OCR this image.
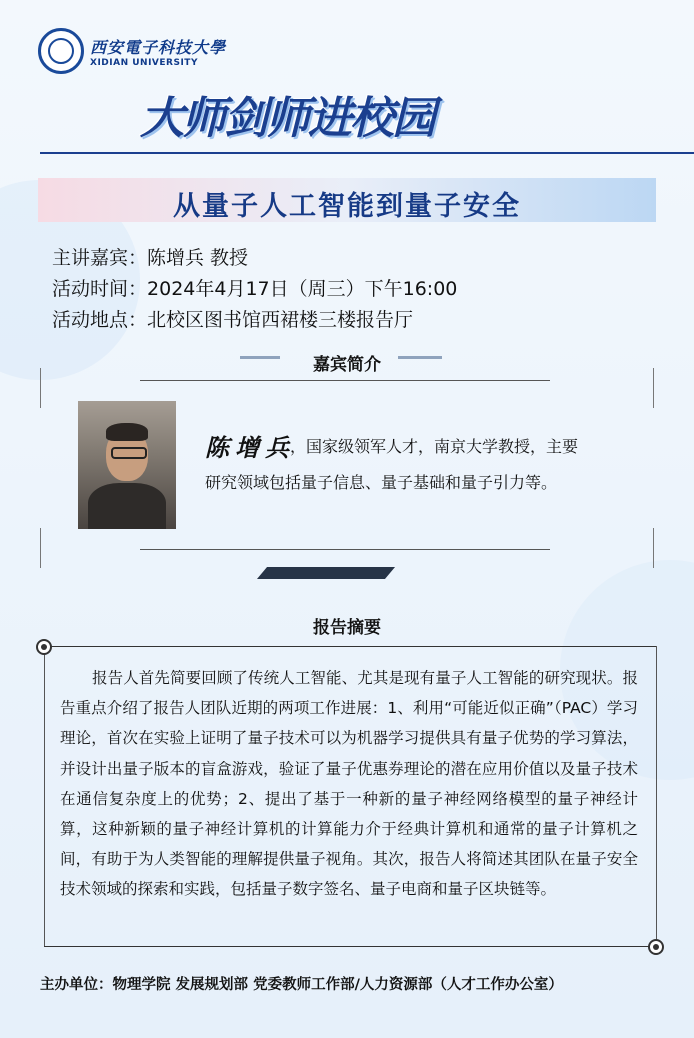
西安電子科技大學
XIDIAN UNIVERSITY
大师剑师进校园
从量子人工智能到量子安全
主讲嘉宾：陈增兵 教授
活动时间：2024年4月17日（周三）下午16:00
活动地点：北校区图书馆西裙楼三楼报告厅
嘉宾简介
陈增兵
，国家级领军人才，南京大学教授，主要
研究领域包括量子信息、量子基础和量子引力等。
报告摘要
报告人首先简要回顾了传统人工智能、尤其是现有量子人工智能的研究现状。报告重点介绍了报告人团队近期的两项工作进展：1、利用“可能近似正确”（PAC）学习理论，首次在实验上证明了量子技术可以为机器学习提供具有量子优势的学习算法，并设计出量子版本的盲盒游戏，验证了量子优惠券理论的潜在应用价值以及量子技术在通信复杂度上的优势；2、提出了基于一种新的量子神经网络模型的量子神经计算，这种新颖的量子神经计算机的计算能力介于经典计算机和通常的量子计算机之间，有助于为人类智能的理解提供量子视角。其次，报告人将简述其团队在量子安全技术领域的探索和实践，包括量子数字签名、量子电商和量子区块链等。
主办单位：物理学院 发展规划部 党委教师工作部/人力资源部（人才工作办公室）
